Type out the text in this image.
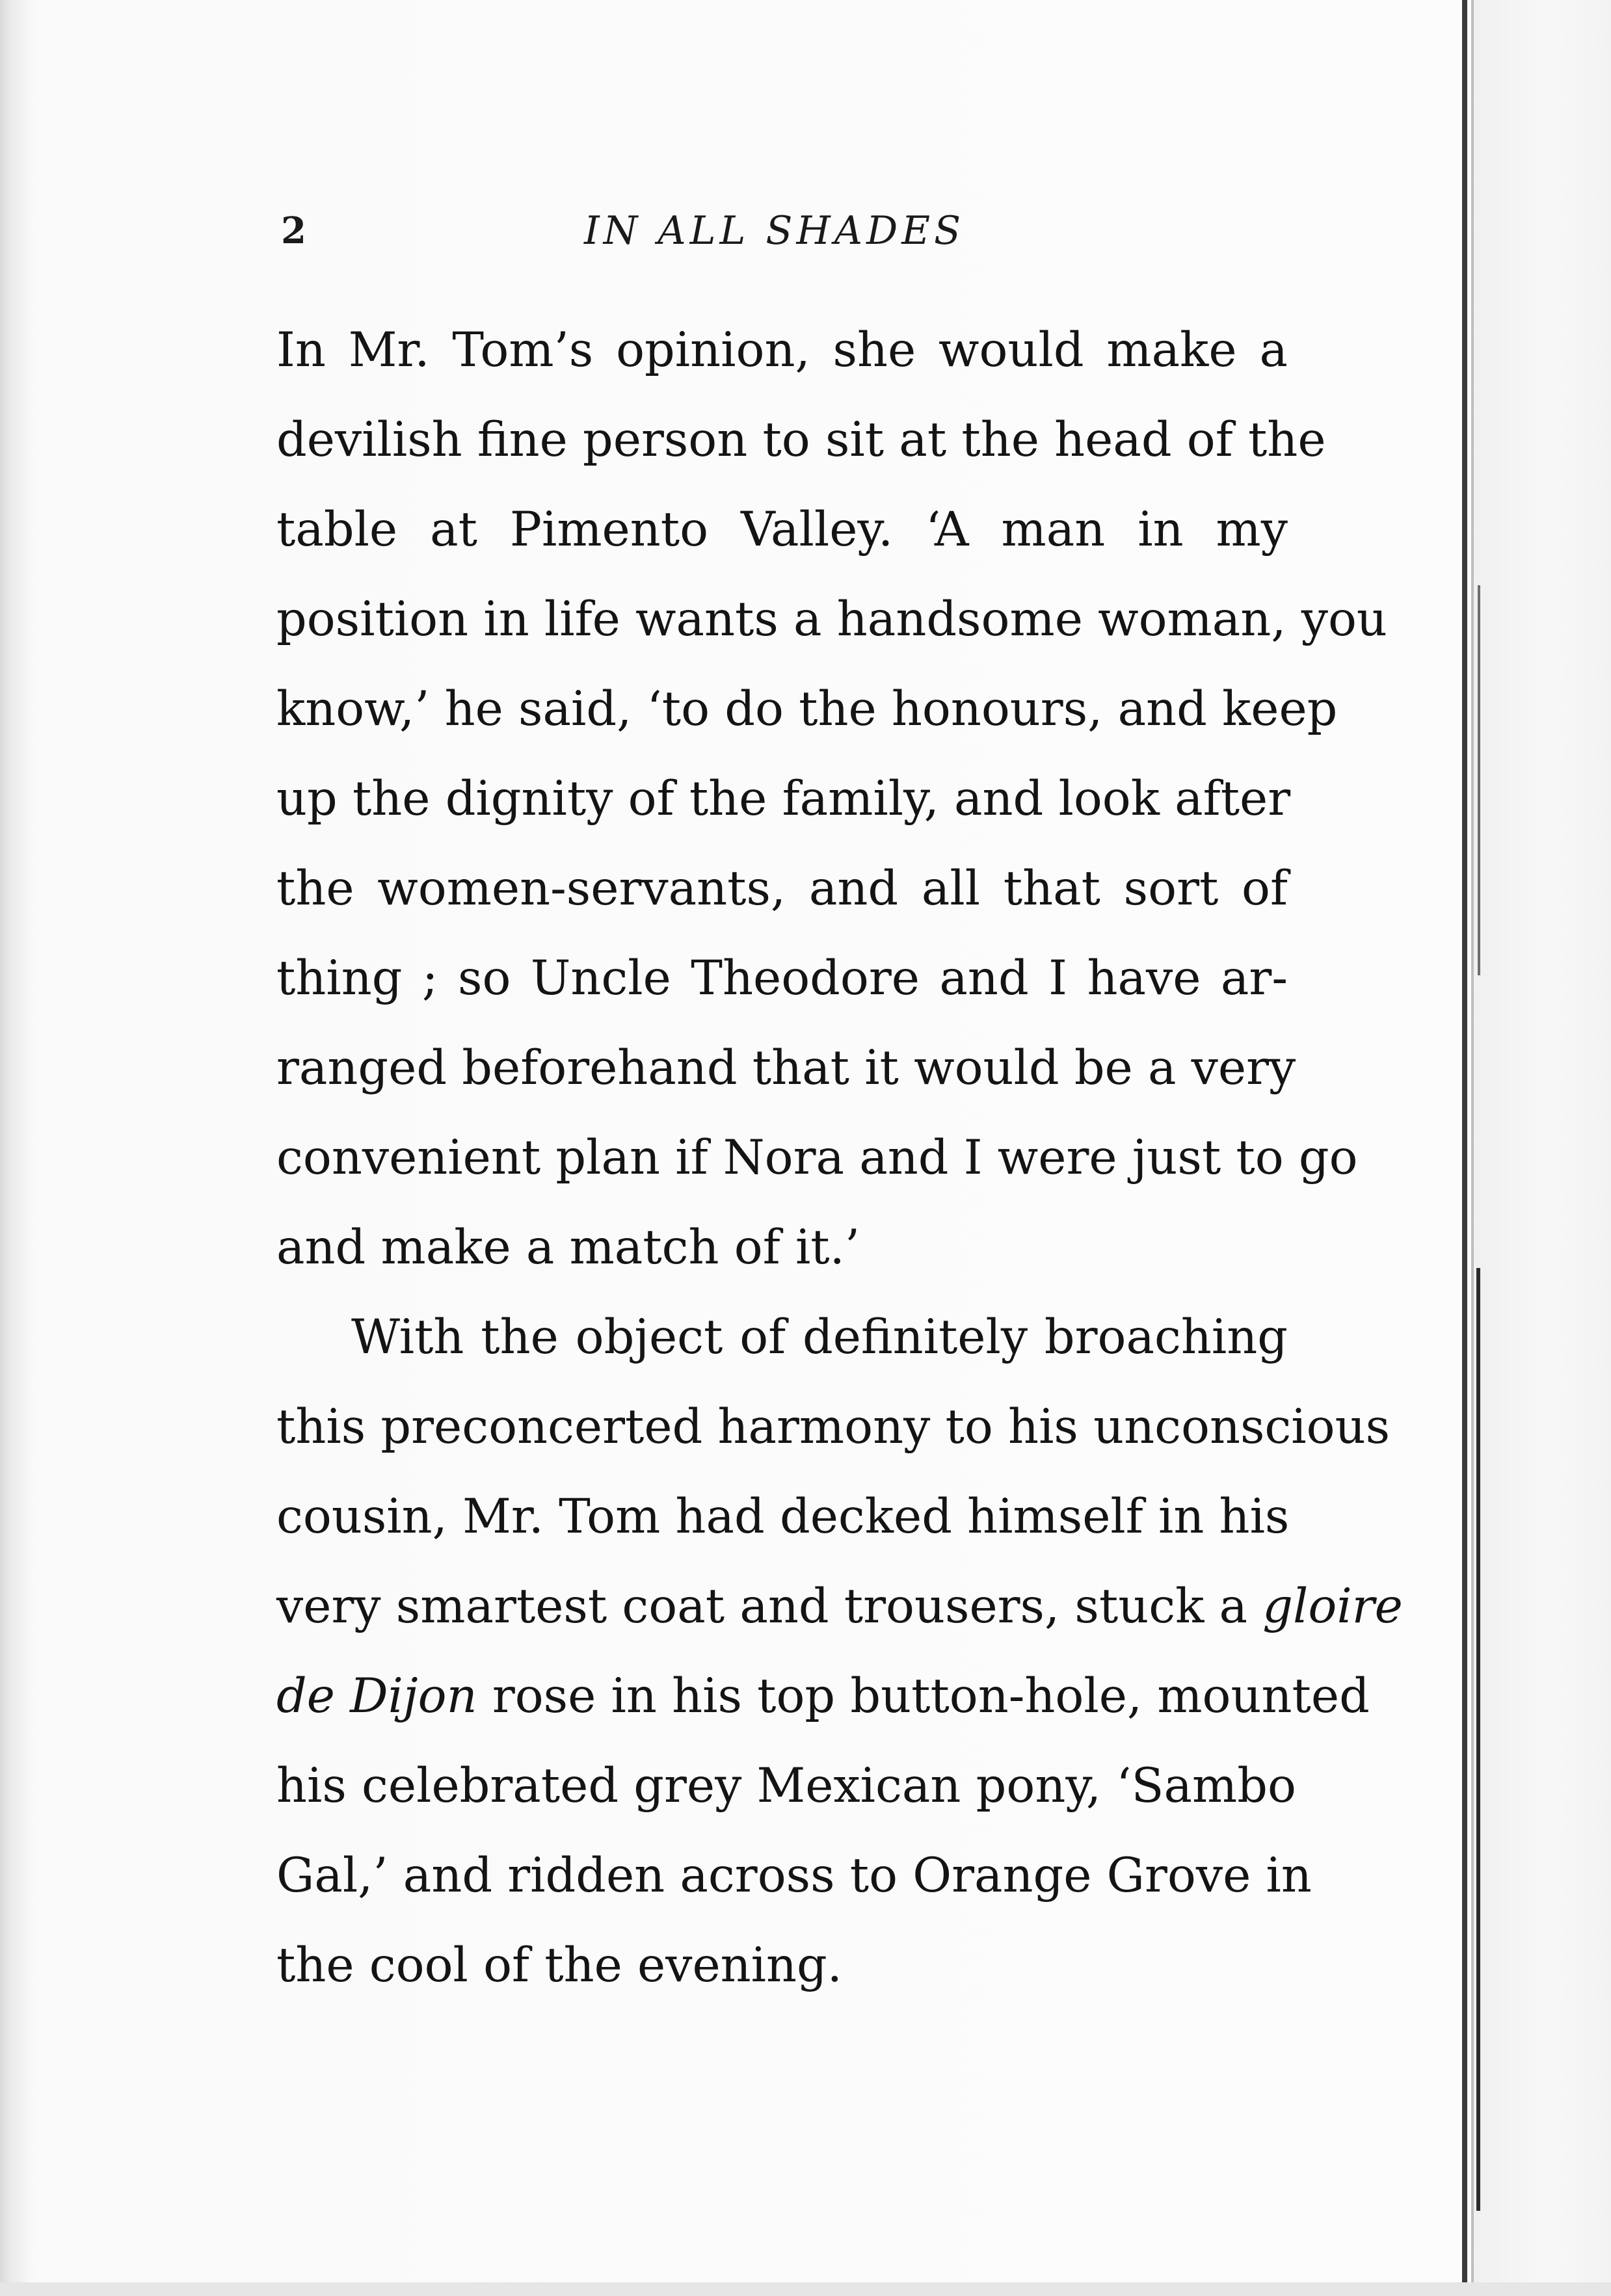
2	IN ALL SHADES
In Mr. Tom’s opinion, she would make a
devilish fine person to sit at the head of the
table at Pimento Valley. ‘A man in my
position in life wants a handsome woman, you
know,’ he said, ‘to do the honours, and keep
up the dignity of the family, and look after
the women-servants, and all that sort of
thing ; so Uncle Theodore and I have ar-
ranged beforehand that it would be a very
convenient plan if Nora and I were just to go
and make a match of it.’
With the object of definitely broaching
this preconcerted harmony to his unconscious
cousin, Mr. Tom had decked himself in his
very smartest coat and trousers, stuck a gloire
de Dijon rose in his top button-hole, mounted
his celebrated grey Mexican pony, ‘Sambo
Gal,’ and ridden across to Orange Grove in
the cool of the evening.
